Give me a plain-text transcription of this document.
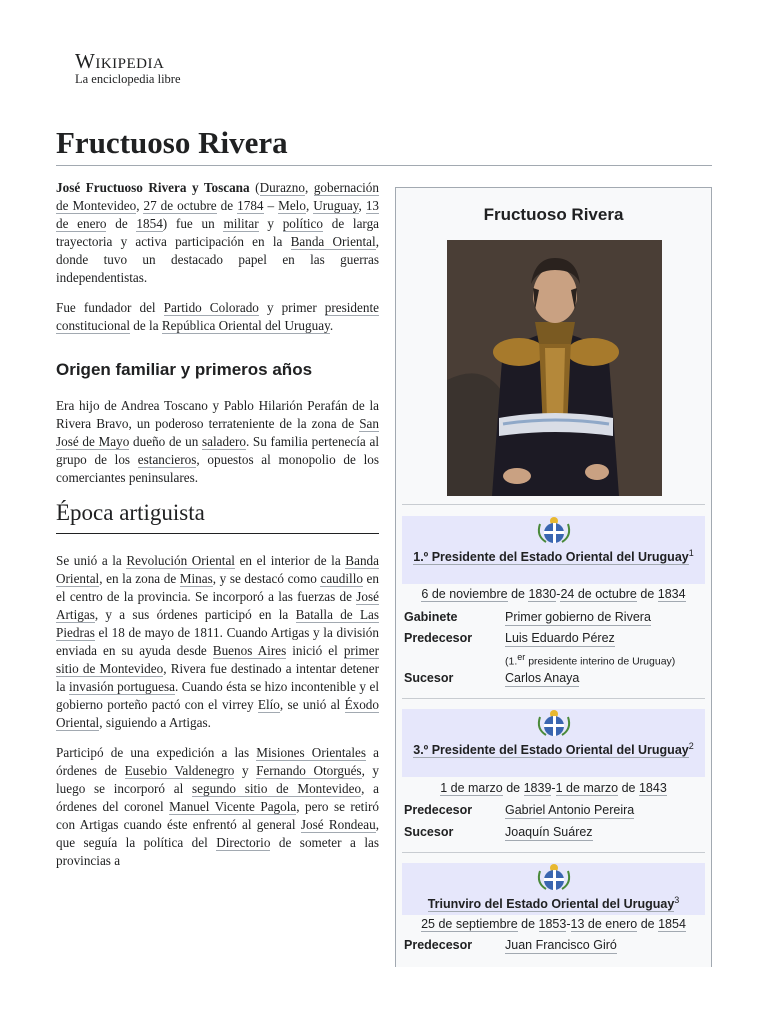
Wikipedia
La enciclopedia libre
Fructuoso Rivera

José Fructuoso Rivera y Toscana (Durazno, gobernación de Montevideo, 27 de octubre de 1784 – Melo, Uruguay, 13 de enero de 1854) fue un militar y político de larga trayectoria y activa participación en la Banda Oriental, donde tuvo un destacado papel en las guerras independentistas.

Fue fundador del Partido Colorado y primer presidente constitucional de la República Oriental del Uruguay.

Origen familiar y primeros años

Era hijo de Andrea Toscano y Pablo Hilarión Perafán de la Rivera Bravo, un poderoso terrateniente de la zona de San José de Mayo dueño de un saladero. Su familia pertenecía al grupo de los estancieros, opuestos al monopolio de los comerciantes peninsulares.

Época artiguista

Se unió a la Revolución Oriental en el interior de la Banda Oriental, en la zona de Minas, y se destacó como caudillo en el centro de la provincia. Se incorporó a las fuerzas de José Artigas, y a sus órdenes participó en la Batalla de Las Piedras el 18 de mayo de 1811. Cuando Artigas y la división enviada en su ayuda desde Buenos Aires inició el primer sitio de Montevideo, Rivera fue destinado a intentar detener la invasión portuguesa. Cuando ésta se hizo incontenible y el gobierno porteño pactó con el virrey Elío, se unió al Éxodo Oriental, siguiendo a Artigas.

Participó de una expedición a las Misiones Orientales a órdenes de Eusebio Valdenegro y Fernando Otorgués, y luego se incorporó al segundo sitio de Montevideo, a órdenes del coronel Manuel Vicente Pagola, pero se retiró con Artigas cuando éste enfrentó al general José Rondeau, que seguía la política del Directorio de someter a las provincias a

Fructuoso Rivera
1.º Presidente del Estado Oriental del Uruguay$^1$
6 de noviembre de 1830-24 de octubre de 1834
Gabinete	Primer gobierno de Rivera
Predecesor	Luis Eduardo Pérez
(1.$^{er}$ presidente interino de Uruguay)
Sucesor	Carlos Anaya
3.º Presidente del Estado Oriental del Uruguay$^2$
1 de marzo de 1839-1 de marzo de 1843
Predecesor	Gabriel Antonio Pereira
Sucesor	Joaquín Suárez
Triunviro del Estado Oriental del Uruguay$^3$
25 de septiembre de 1853-13 de enero de 1854
Predecesor	Juan Francisco Giró
